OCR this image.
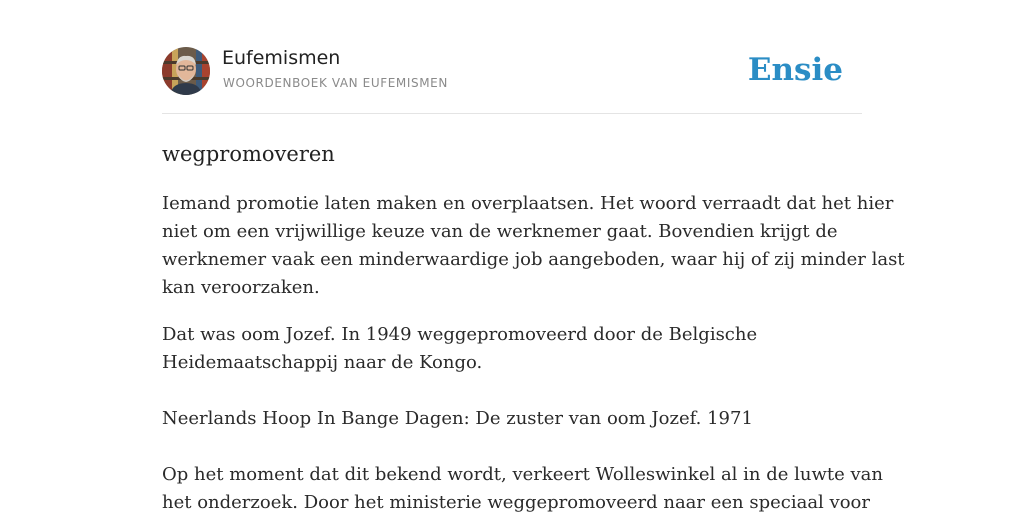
Eufemismen
WOORDENBOEK VAN EUFEMISMEN	Ensie
wegpromoveren

Iemand promotie laten maken en overplaatsen. Het woord verraadt dat het hier
niet om een vrijwillige keuze van de werknemer gaat. Bovendien krijgt de
werknemer vaak een minderwaardige job aangeboden, waar hij of zij minder last
kan veroorzaken.

Dat was oom Jozef. In 1949 weggepromoveerd door de Belgische
Heidemaatschappij naar de Kongo.

Neerlands Hoop In Bange Dagen: De zuster van oom Jozef. 1971

Op het moment dat dit bekend wordt, verkeert Wolleswinkel al in de luwte van
het onderzoek. Door het ministerie weggepromoveerd naar een speciaal voor
